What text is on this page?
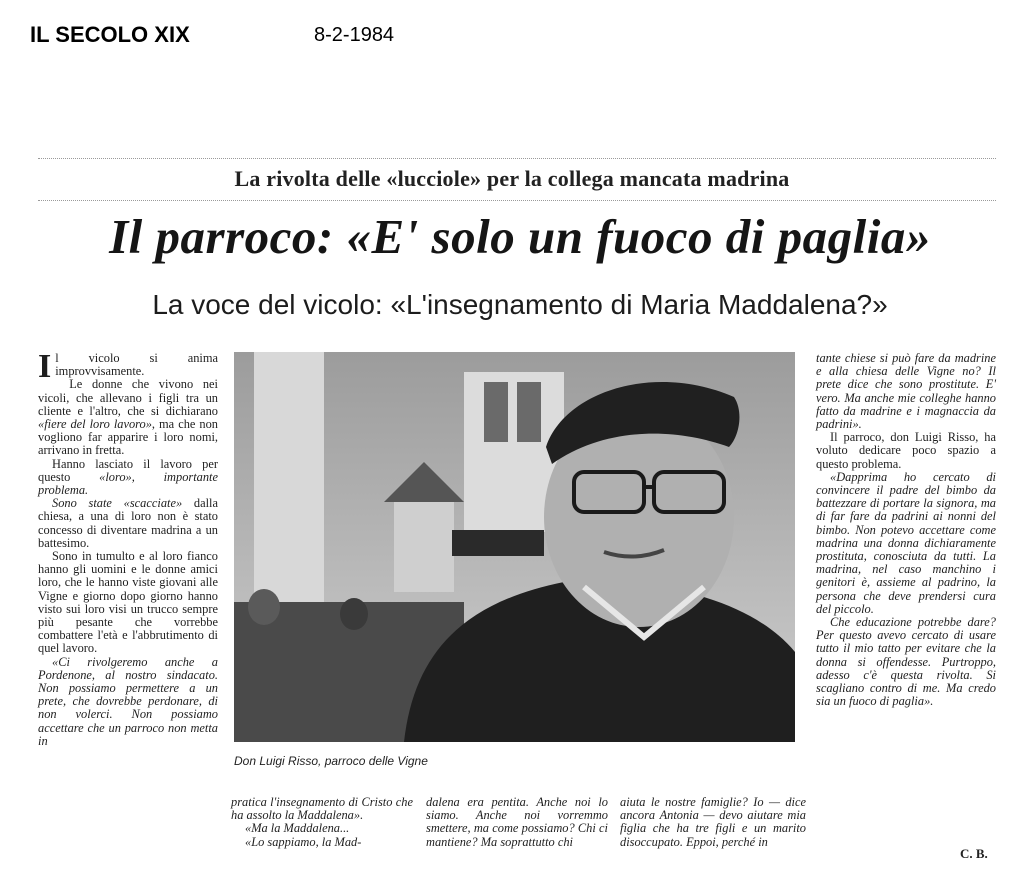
IL SECOLO XIX	8-2-1984
La rivolta delle «lucciole» per la collega mancata madrina
Il parroco: «E' solo un fuoco di paglia»
La voce del vicolo: «L'insegnamento di Maria Maddalena?»

Il vicolo si anima improvvisamente.

Le donne che vivono nei vicoli, che allevano i figli tra un cliente e l'altro, che si dichiarano «fiere del loro lavoro», ma che non vogliono far apparire i loro nomi, arrivano in fretta.

Hanno lasciato il lavoro per questo «loro», importante problema.

Sono state «scacciate» dalla chiesa, a una di loro non è stato concesso di diventare madrina a un battesimo.

Sono in tumulto e al loro fianco hanno gli uomini e le donne amici loro, che le hanno viste giovani alle Vigne e giorno dopo giorno hanno visto sui loro visi un trucco sempre più pesante che vorrebbe combattere l'età e l'abbrutimento di quel lavoro.

«Ci rivolgeremo anche a Pordenone, al nostro sindacato. Non possiamo permettere a un prete, che dovrebbe perdonare, di non volerci. Non possiamo accettare che un parroco non metta in

Don Luigi Risso, parroco delle Vigne

tante chiese si può fare da madrine e alla chiesa delle Vigne no? Il prete dice che sono prostitute. E' vero. Ma anche mie colleghe hanno fatto da madrine e i magnaccia da padrini».

Il parroco, don Luigi Risso, ha voluto dedicare poco spazio a questo problema.

«Dapprima ho cercato di convincere il padre del bimbo da battezzare di portare la signora, ma di far fare da padrini ai nonni del bimbo. Non potevo accettare come madrina una donna dichiaramente prostituta, conosciuta da tutti. La madrina, nel caso manchino i genitori è, assieme al padrino, la persona che deve prendersi cura del piccolo.

Che educazione potrebbe dare? Per questo avevo cercato di usare tutto il mio tatto per evitare che la donna si offendesse. Purtroppo, adesso c'è questa rivolta. Si scagliano contro di me. Ma credo sia un fuoco di paglia».

pratica l'insegnamento di Cristo che ha assolto la Maddalena».

«Ma la Maddalena...

«Lo sappiamo, la Mad-

dalena era pentita. Anche noi lo siamo. Anche noi vorremmo smettere, ma come possiamo? Chi ci mantiene? Ma soprattutto chi

aiuta le nostre famiglie? Io — dice ancora Antonia — devo aiutare mia figlia che ha tre figli e un marito disoccupato. Eppoi, perché in

C. B.
